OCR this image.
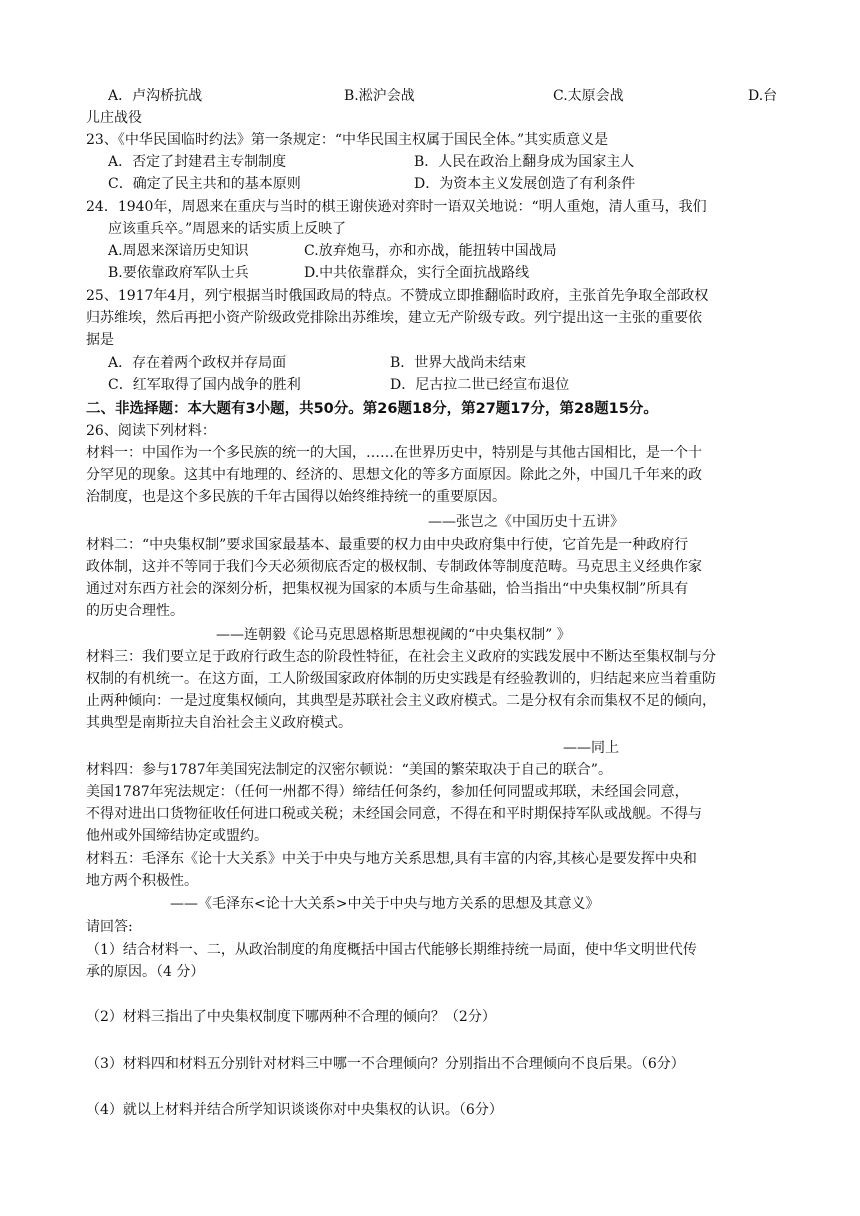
A．卢沟桥抗战	B.淞沪会战	C.太原会战	D.台
儿庄战役
23、《中华民国临时约法》第一条规定：“中华民国主权属于国民全体。”其实质意义是
A．否定了封建君主专制制度	B．人民在政治上翻身成为国家主人
C．确定了民主共和的基本原则	D．为资本主义发展创造了有利条件
24．1940年，周恩来在重庆与当时的棋王谢侠逊对弈时一语双关地说：“明人重炮，清人重马，我们
应该重兵卒。”周恩来的话实质上反映了
A.周恩来深谙历史知识	C.放弃炮马，亦和亦战，能扭转中国战局
B.要依靠政府军队士兵	D.中共依靠群众，实行全面抗战路线
25、1917年4月，列宁根据当时俄国政局的特点。不赞成立即推翻临时政府，主张首先争取全部政权
归苏维埃，然后再把小资产阶级政党排除出苏维埃，建立无产阶级专政。列宁提出这一主张的重要依
据是
A．存在着两个政权并存局面	B．世界大战尚未结束
C．红军取得了国内战争的胜利	D．尼古拉二世已经宣布退位
二、非选择题：本大题有3小题，共50分。第26题18分，第27题17分，第28题15分。
26、阅读下列材料：
材料一：中国作为一个多民族的统一的大国，……在世界历史中，特别是与其他古国相比，是一个十
分罕见的现象。这其中有地理的、经济的、思想文化的等多方面原因。除此之外，中国几千年来的政
治制度，也是这个多民族的千年古国得以始终维持统一的重要原因。
——张岂之《中国历史十五讲》
材料二：“中央集权制”要求国家最基本、最重要的权力由中央政府集中行使，它首先是一种政府行
政体制，这并不等同于我们今天必须彻底否定的极权制、专制政体等制度范畴。马克思主义经典作家
通过对东西方社会的深刻分析，把集权视为国家的本质与生命基础，恰当指出“中央集权制”所具有
的历史合理性。
——连朝毅《论马克思恩格斯思想视阈的“中央集权制” 》
材料三：我们要立足于政府行政生态的阶段性特征，在社会主义政府的实践发展中不断达至集权制与分
权制的有机统一。在这方面，工人阶级国家政府体制的历史实践是有经验教训的，归结起来应当着重防
止两种倾向：一是过度集权倾向，其典型是苏联社会主义政府模式。二是分权有余而集权不足的倾向，
其典型是南斯拉夫自治社会主义政府模式。
——同上
材料四：参与1787年美国宪法制定的汉密尔顿说：“美国的繁荣取决于自己的联合”。
美国1787年宪法规定：（任何一州都不得）缔结任何条约，参加任何同盟或邦联，未经国会同意，
不得对进出口货物征收任何进口税或关税；未经国会同意，不得在和平时期保持军队或战舰。不得与
他州或外国缔结协定或盟约。
材料五：毛泽东《论十大关系》中关于中央与地方关系思想,具有丰富的内容,其核心是要发挥中央和
地方两个积极性。
——《毛泽东<论十大关系>中关于中央与地方关系的思想及其意义》
请回答:
（1）结合材料一、二，从政治制度的角度概括中国古代能够长期维持统一局面，使中华文明世代传
承的原因。（4 分）
（2）材料三指出了中央集权制度下哪两种不合理的倾向？（2分）
（3）材料四和材料五分别针对材料三中哪一不合理倾向？分别指出不合理倾向不良后果。（6分）
（4）就以上材料并结合所学知识谈谈你对中央集权的认识。（6分）
